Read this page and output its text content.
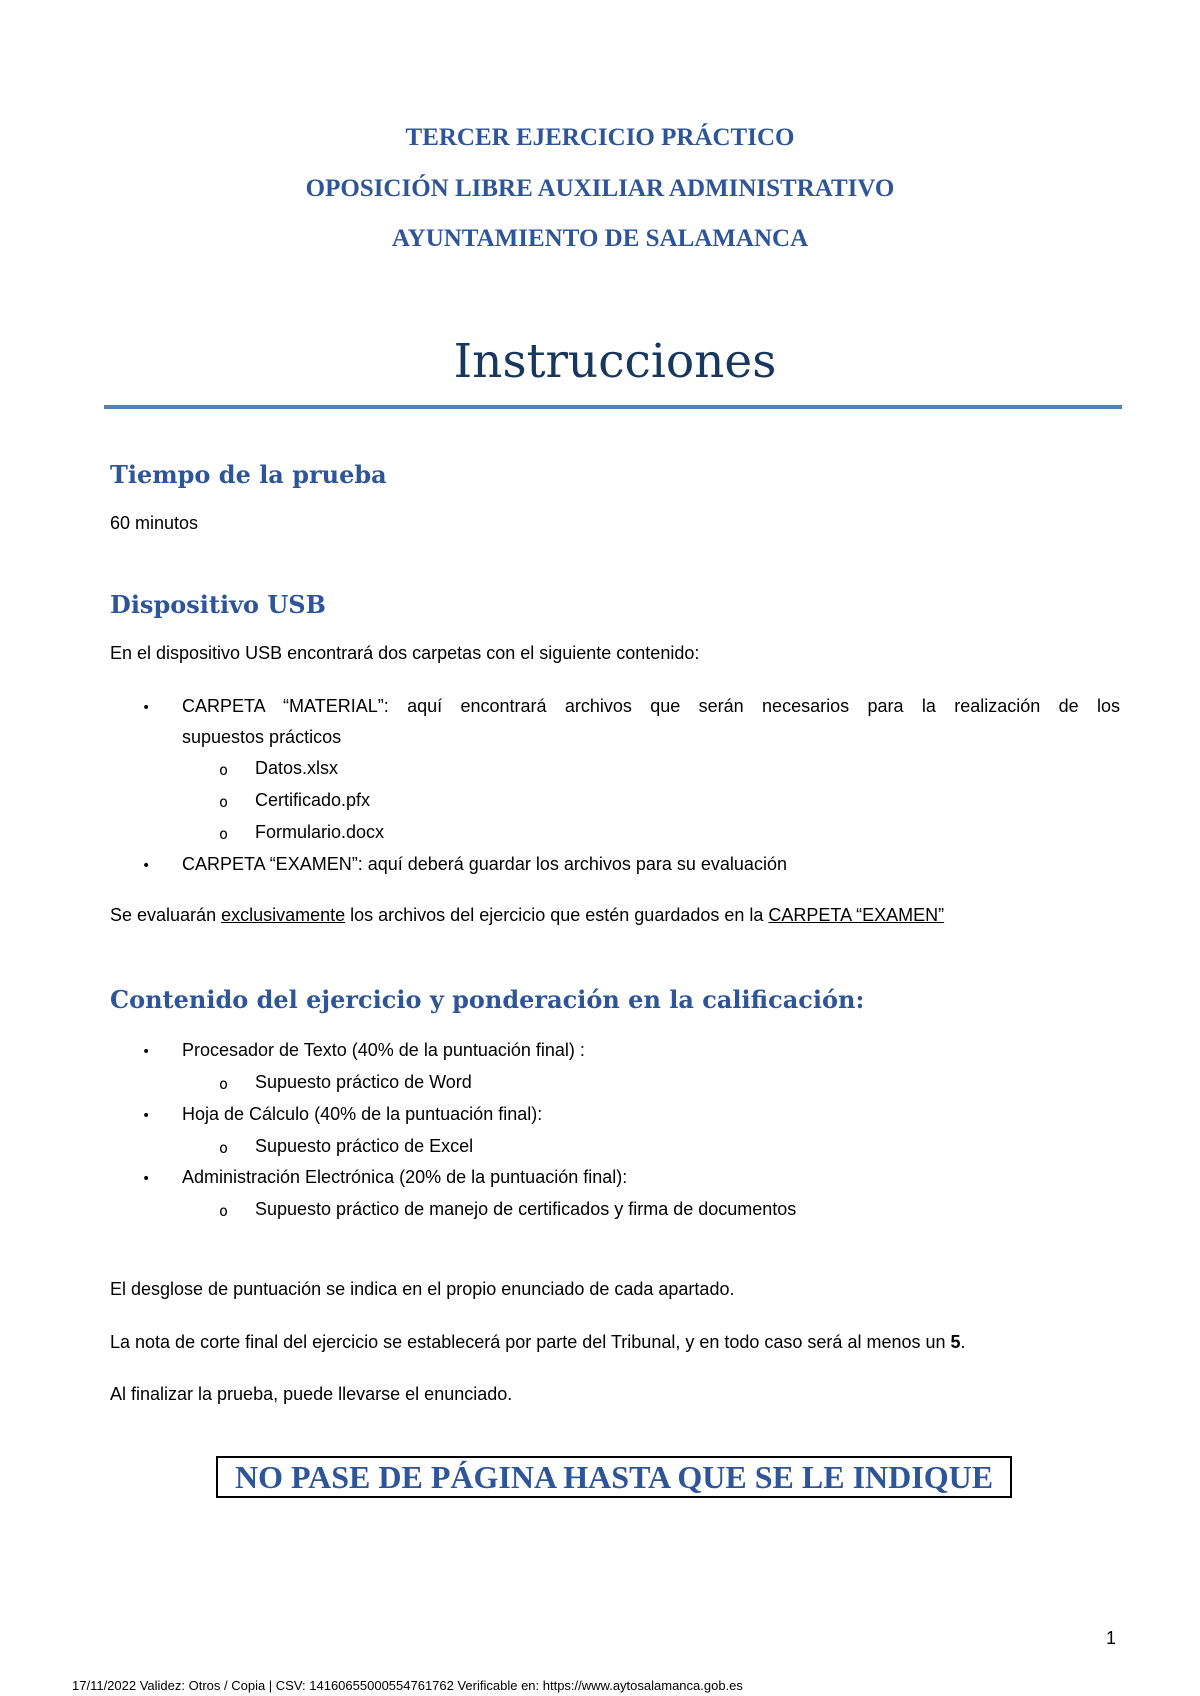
TERCER EJERCICIO PRÁCTICO
OPOSICIÓN LIBRE AUXILIAR ADMINISTRATIVO
AYUNTAMIENTO DE SALAMANCA
Instrucciones
Tiempo de la prueba
60 minutos
Dispositivo USB
En el dispositivo USB encontrará dos carpetas con el siguiente contenido:
• CARPETA “MATERIAL”: aquí encontrará archivos que serán necesarios para la realización de los
supuestos prácticos
o Datos.xlsx
o Certificado.pfx
o Formulario.docx
• CARPETA “EXAMEN”: aquí deberá guardar los archivos para su evaluación
Se evaluarán exclusivamente los archivos del ejercicio que estén guardados en la CARPETA “EXAMEN”
Contenido del ejercicio y ponderación en la calificación:
• Procesador de Texto (40% de la puntuación final) :
o Supuesto práctico de Word
• Hoja de Cálculo (40% de la puntuación final):
o Supuesto práctico de Excel
• Administración Electrónica (20% de la puntuación final):
o Supuesto práctico de manejo de certificados y firma de documentos
El desglose de puntuación se indica en el propio enunciado de cada apartado.
La nota de corte final del ejercicio se establecerá por parte del Tribunal, y en todo caso será al menos un 5.
Al finalizar la prueba, puede llevarse el enunciado.
NO PASE DE PÁGINA HASTA QUE SE LE INDIQUE
1
17/11/2022 Validez: Otros / Copia | CSV: 14160655000554761762 Verificable en: https://www.aytosalamanca.gob.es
